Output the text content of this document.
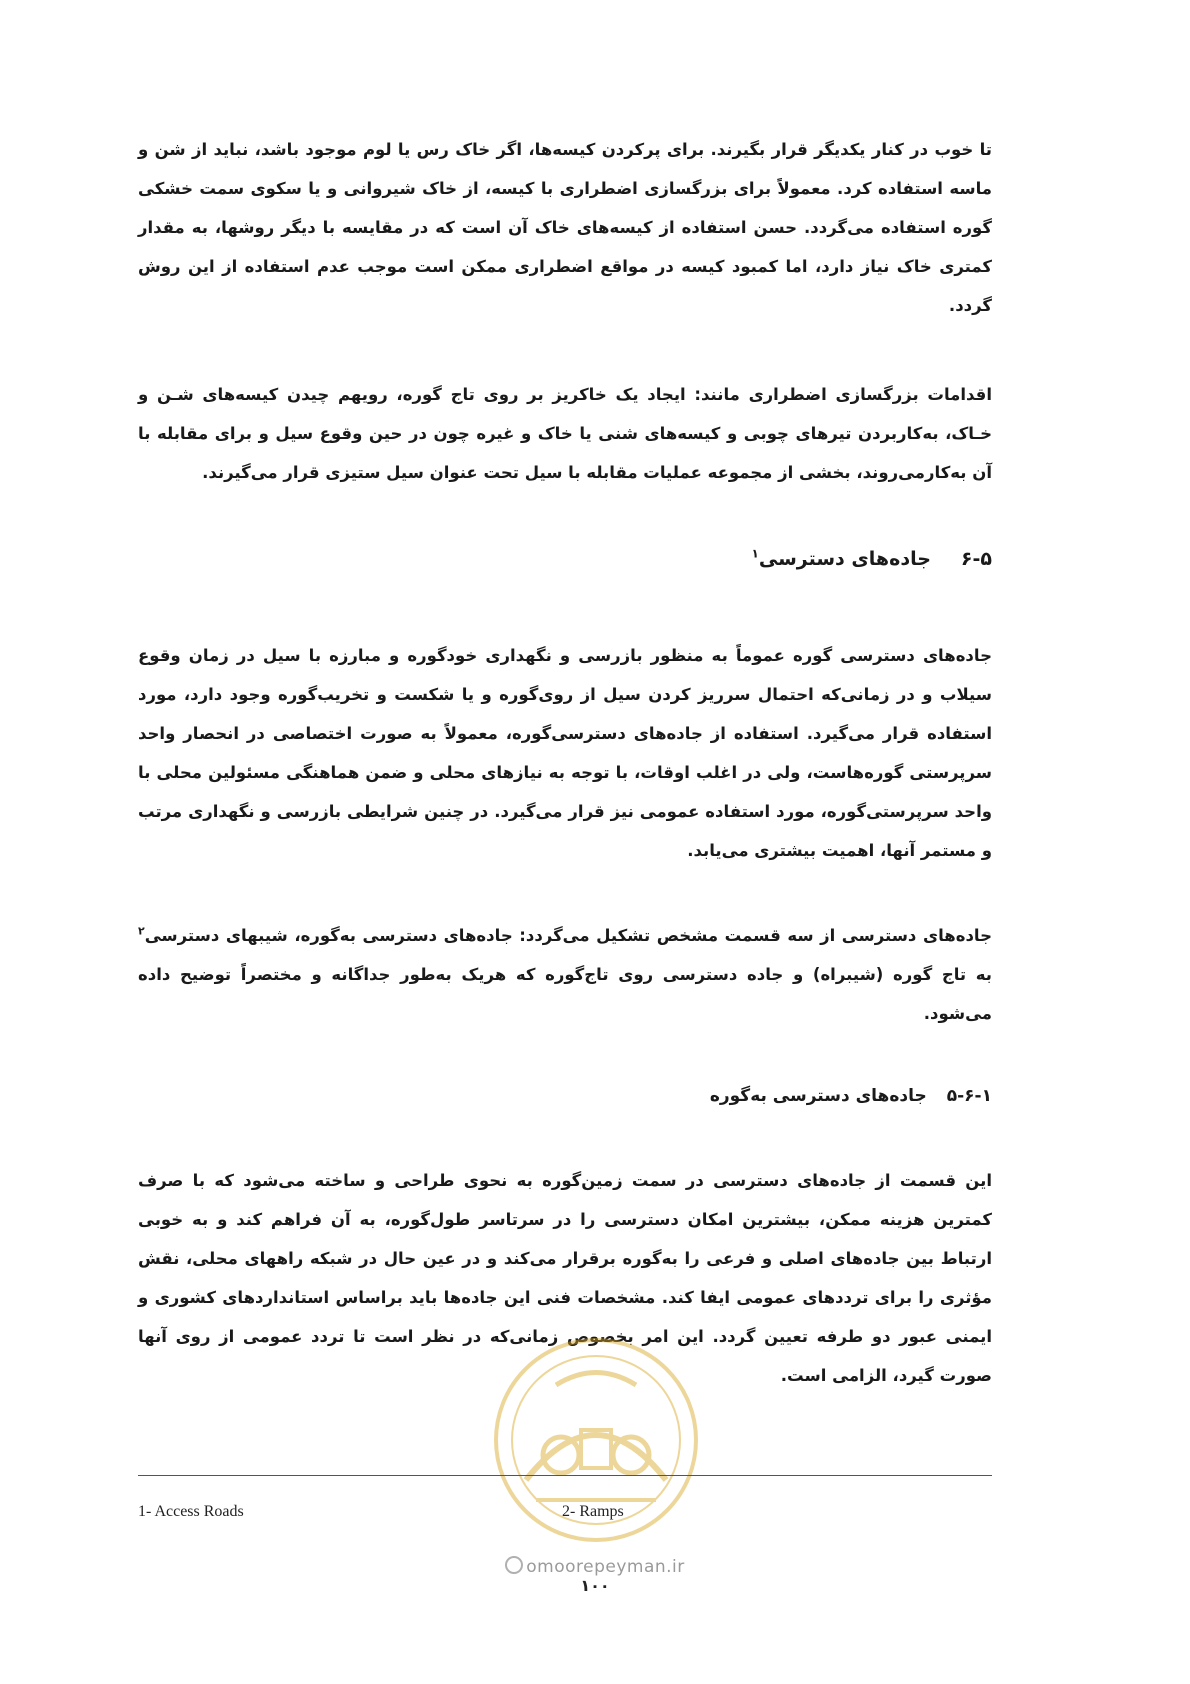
تا خوب در کنار یکدیگر قرار بگیرند. برای پرکردن کیسه‌ها، اگر خاک رس یا لوم موجود باشد، نباید از شن و ماسه استفاده کرد. معمولاً برای بزرگسازی اضطراری با کیسه، از خاک شیروانی و یا سکوی سمت خشکی گوره استفاده می‌گردد. حسن استفاده از کیسه‌های خاک آن است که در مقایسه با دیگر روشها، به مقدار کمتری خاک نیاز دارد، اما کمبود کیسه در مواقع اضطراری ممکن است موجب عدم استفاده از این روش گردد.

اقدامات بزرگسازی اضطراری مانند: ایجاد یک خاکریز بر روی تاج گوره، رویهم چیدن کیسه‌های شـن و خـاک، به‌کاربردن تیرهای چوبی و کیسه‌های شنی یا خاک و غیره چون در حین وقوع سیل و برای مقابله با آن به‌کارمی‌روند، بخشی از مجموعه عملیات مقابله با سیل تحت عنوان سیل ستیزی قرار می‌گیرند.

۶-۵جاده‌های دسترسی$^۱$

جاده‌های دسترسی گوره عموماً به منظور بازرسی و نگهداری خودگوره و مبارزه با سیل در زمان وقوع سیلاب و در زمانی‌که احتمال سرریز کردن سیل از روی‌گوره و یا شکست و تخریب‌گوره وجود دارد، مورد استفاده قرار می‌گیرد. استفاده از جاده‌های دسترسی‌گوره، معمولاً به صورت اختصاصی در انحصار واحد سرپرستی گوره‌هاست، ولی در اغلب اوقات، با توجه به نیازهای محلی و ضمن هماهنگی مسئولین محلی با واحد سرپرستی‌گوره، مورد استفاده عمومی نیز قرار می‌گیرد. در چنین شرایطی بازرسی و نگهداری مرتب و مستمر آنها، اهمیت بیشتری می‌یابد.

جاده‌های دسترسی از سه قسمت مشخص تشکیل می‌گردد: جاده‌های دسترسی به‌گوره، شیبهای دسترسی$^۲$ به تاج گوره (شیبراه) و جاده دسترسی روی تاج‌گوره که هریک به‌طور جداگانه و مختصراً توضیح داده می‌شود.

۵-۶-۱جاده‌های دسترسی به‌گوره

این قسمت از جاده‌های دسترسی در سمت زمین‌گوره به نحوی طراحی و ساخته می‌شود که با صرف کمترین هزینه ممکن، بیشترین امکان دسترسی را در سرتاسر طول‌گوره، به آن فراهم کند و به خوبی ارتباط بین جاده‌های اصلی و فرعی را به‌گوره برقرار می‌کند و در عین حال در شبکه راههای محلی، نقش مؤثری را برای ترددهای عمومی ایفا کند. مشخصات فنی این جاده‌ها باید براساس استانداردهای کشوری و ایمنی عبور دو طرفه تعیین گردد. این امر بخصوص زمانی‌که در نظر است تا تردد عمومی از روی آنها صورت گیرد، الزامی است.

1- Access Roads	2- Ramps
omoorepeyman.ir
۱۰۰
